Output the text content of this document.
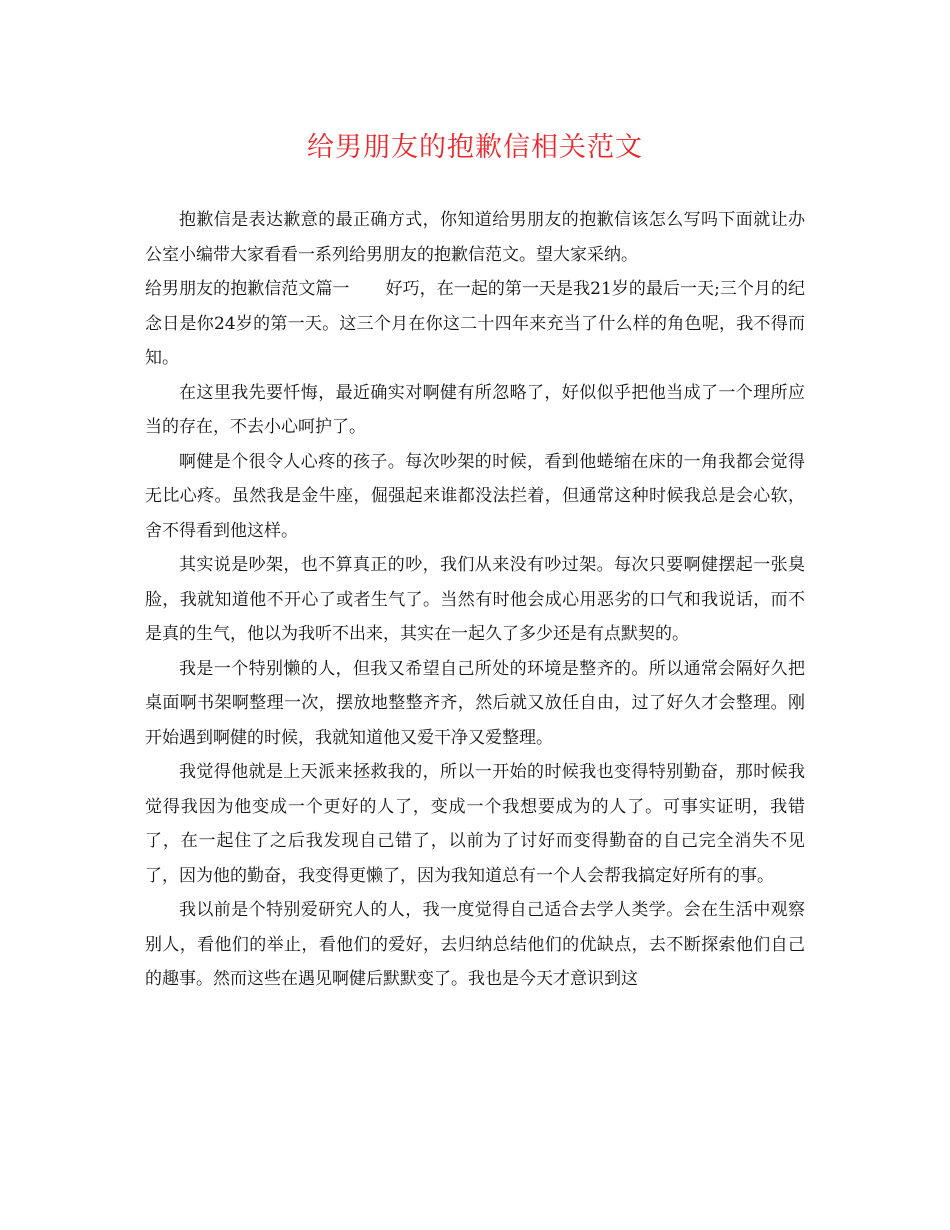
给男朋友的抱歉信相关范文

抱歉信是表达歉意的最正确方式，你知道给男朋友的抱歉信该怎么写吗下面就让办公室小编带大家看看一系列给男朋友的抱歉信范文。望大家采纳。

给男朋友的抱歉信范文篇一 好巧，在一起的第一天是我21岁的最后一天;三个月的纪念日是你24岁的第一天。这三个月在你这二十四年来充当了什么样的角色呢，我不得而知。

在这里我先要忏悔，最近确实对啊健有所忽略了，好似似乎把他当成了一个理所应当的存在，不去小心呵护了。

啊健是个很令人心疼的孩子。每次吵架的时候，看到他蜷缩在床的一角我都会觉得无比心疼。虽然我是金牛座，倔强起来谁都没法拦着，但通常这种时候我总是会心软，舍不得看到他这样。

其实说是吵架，也不算真正的吵，我们从来没有吵过架。每次只要啊健摆起一张臭脸，我就知道他不开心了或者生气了。当然有时他会成心用恶劣的口气和我说话，而不是真的生气，他以为我听不出来，其实在一起久了多少还是有点默契的。

我是一个特别懒的人，但我又希望自己所处的环境是整齐的。所以通常会隔好久把桌面啊书架啊整理一次，摆放地整整齐齐，然后就又放任自由，过了好久才会整理。刚开始遇到啊健的时候，我就知道他又爱干净又爱整理。

我觉得他就是上天派来拯救我的，所以一开始的时候我也变得特别勤奋，那时候我觉得我因为他变成一个更好的人了，变成一个我想要成为的人了。可事实证明，我错了，在一起住了之后我发现自己错了，以前为了讨好而变得勤奋的自己完全消失不见了，因为他的勤奋，我变得更懒了，因为我知道总有一个人会帮我搞定好所有的事。

我以前是个特别爱研究人的人，我一度觉得自己适合去学人类学。会在生活中观察别人，看他们的举止，看他们的爱好，去归纳总结他们的优缺点，去不断探索他们自己的趣事。然而这些在遇见啊健后默默变了。我也是今天才意识到这
